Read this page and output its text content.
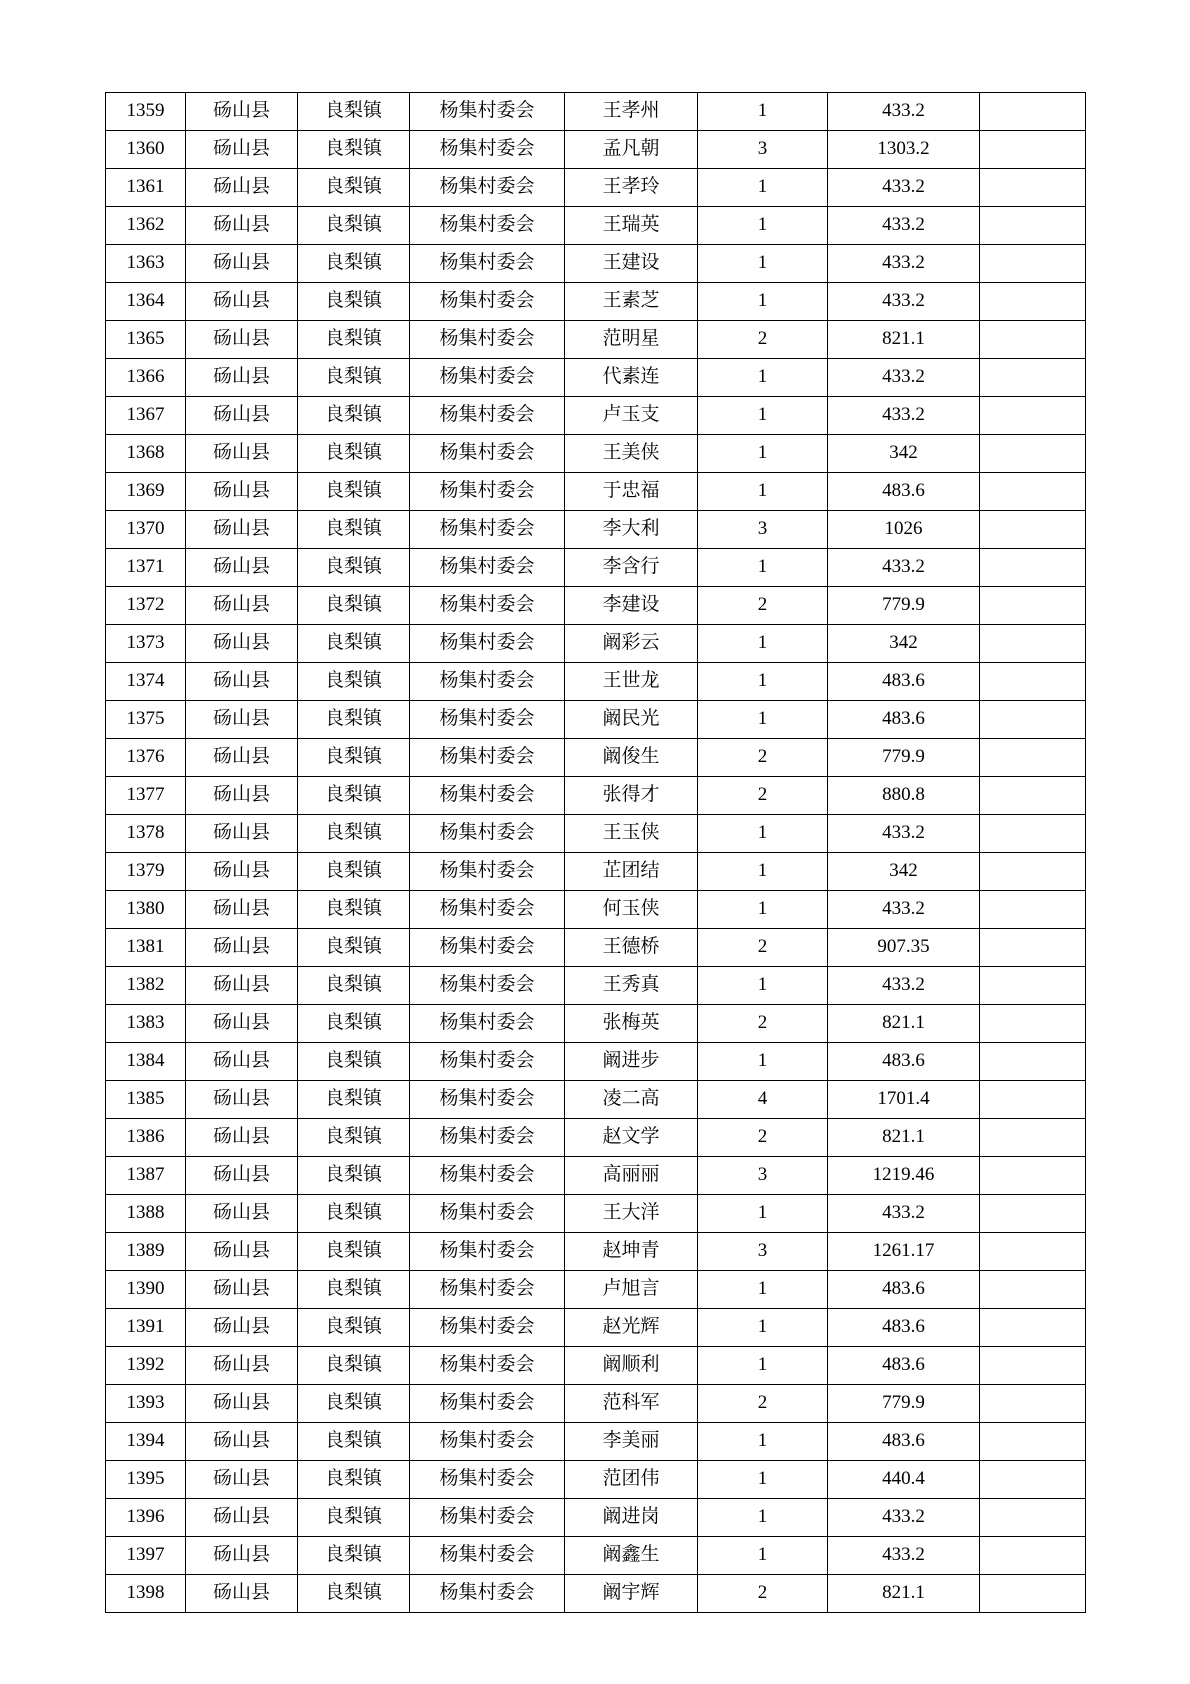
1359	砀山县	良梨镇	杨集村委会	王孝州	1	433.2	
1360	砀山县	良梨镇	杨集村委会	孟凡朝	3	1303.2	
1361	砀山县	良梨镇	杨集村委会	王孝玲	1	433.2	
1362	砀山县	良梨镇	杨集村委会	王瑞英	1	433.2	
1363	砀山县	良梨镇	杨集村委会	王建设	1	433.2	
1364	砀山县	良梨镇	杨集村委会	王素芝	1	433.2	
1365	砀山县	良梨镇	杨集村委会	范明星	2	821.1	
1366	砀山县	良梨镇	杨集村委会	代素连	1	433.2	
1367	砀山县	良梨镇	杨集村委会	卢玉支	1	433.2	
1368	砀山县	良梨镇	杨集村委会	王美侠	1	342	
1369	砀山县	良梨镇	杨集村委会	于忠福	1	483.6	
1370	砀山县	良梨镇	杨集村委会	李大利	3	1026	
1371	砀山县	良梨镇	杨集村委会	李含行	1	433.2	
1372	砀山县	良梨镇	杨集村委会	李建设	2	779.9	
1373	砀山县	良梨镇	杨集村委会	阚彩云	1	342	
1374	砀山县	良梨镇	杨集村委会	王世龙	1	483.6	
1375	砀山县	良梨镇	杨集村委会	阚民光	1	483.6	
1376	砀山县	良梨镇	杨集村委会	阚俊生	2	779.9	
1377	砀山县	良梨镇	杨集村委会	张得才	2	880.8	
1378	砀山县	良梨镇	杨集村委会	王玉侠	1	433.2	
1379	砀山县	良梨镇	杨集村委会	芷团结	1	342	
1380	砀山县	良梨镇	杨集村委会	何玉侠	1	433.2	
1381	砀山县	良梨镇	杨集村委会	王德桥	2	907.35	
1382	砀山县	良梨镇	杨集村委会	王秀真	1	433.2	
1383	砀山县	良梨镇	杨集村委会	张梅英	2	821.1	
1384	砀山县	良梨镇	杨集村委会	阚进步	1	483.6	
1385	砀山县	良梨镇	杨集村委会	凌二高	4	1701.4	
1386	砀山县	良梨镇	杨集村委会	赵文学	2	821.1	
1387	砀山县	良梨镇	杨集村委会	高丽丽	3	1219.46	
1388	砀山县	良梨镇	杨集村委会	王大洋	1	433.2	
1389	砀山县	良梨镇	杨集村委会	赵坤青	3	1261.17	
1390	砀山县	良梨镇	杨集村委会	卢旭言	1	483.6	
1391	砀山县	良梨镇	杨集村委会	赵光辉	1	483.6	
1392	砀山县	良梨镇	杨集村委会	阚顺利	1	483.6	
1393	砀山县	良梨镇	杨集村委会	范科军	2	779.9	
1394	砀山县	良梨镇	杨集村委会	李美丽	1	483.6	
1395	砀山县	良梨镇	杨集村委会	范团伟	1	440.4	
1396	砀山县	良梨镇	杨集村委会	阚进岗	1	433.2	
1397	砀山县	良梨镇	杨集村委会	阚鑫生	1	433.2	
1398	砀山县	良梨镇	杨集村委会	阚宇辉	2	821.1	
